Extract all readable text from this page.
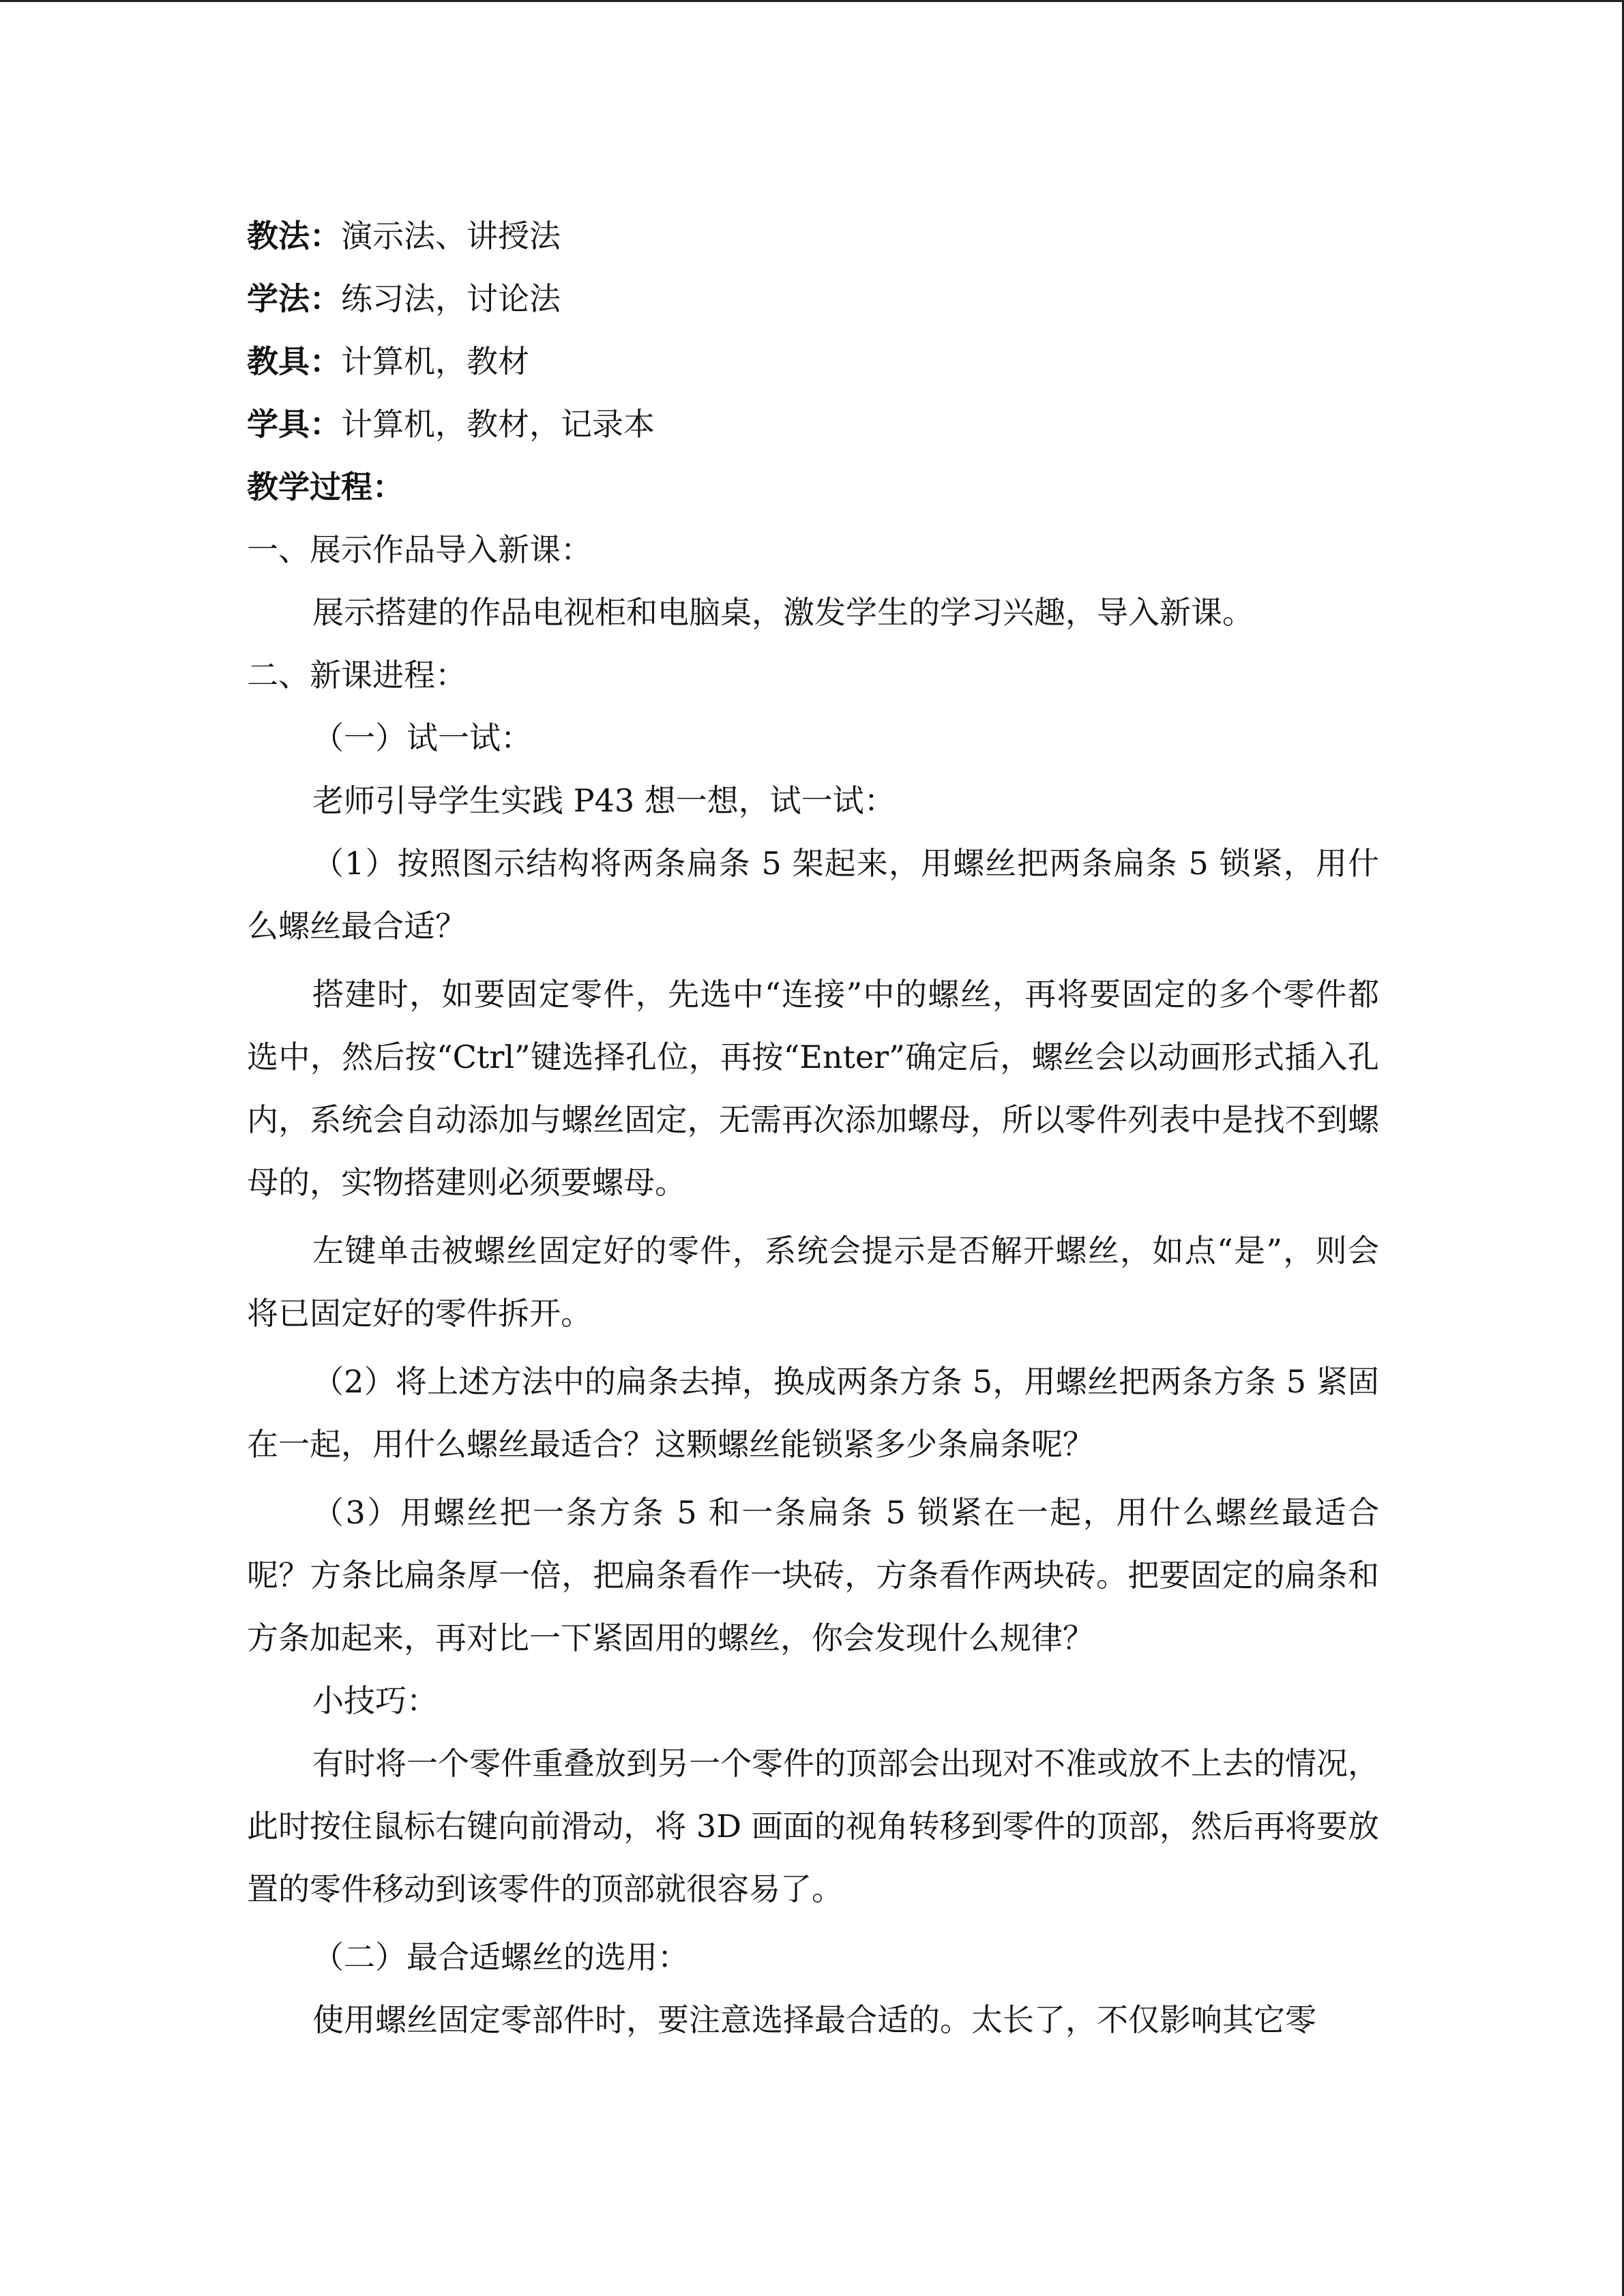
教法：演示法、讲授法
学法：练习法，讨论法
教具：计算机，教材
学具：计算机，教材，记录本
教学过程：
一、展示作品导入新课：
展示搭建的作品电视柜和电脑桌，激发学生的学习兴趣，导入新课。
二、新课进程：
（一）试一试：
老师引导学生实践 P43 想一想，试一试：

（1）按照图示结构将两条扁条 5 架起来，用螺丝把两条扁条 5 锁紧，用什么螺丝最合适？

搭建时，如要固定零件，先选中“连接”中的螺丝，再将要固定的多个零件都选中，然后按“Ctrl”键选择孔位，再按“Enter”确定后，螺丝会以动画形式插入孔内，系统会自动添加与螺丝固定，无需再次添加螺母，所以零件列表中是找不到螺母的，实物搭建则必须要螺母。

左键单击被螺丝固定好的零件，系统会提示是否解开螺丝，如点“是”，则会将已固定好的零件拆开。

（2）将上述方法中的扁条去掉，换成两条方条 5，用螺丝把两条方条 5 紧固在一起，用什么螺丝最适合？这颗螺丝能锁紧多少条扁条呢？

（3）用螺丝把一条方条 5 和一条扁条 5 锁紧在一起，用什么螺丝最适合呢？方条比扁条厚一倍，把扁条看作一块砖，方条看作两块砖。把要固定的扁条和方条加起来，再对比一下紧固用的螺丝，你会发现什么规律？

小技巧：

有时将一个零件重叠放到另一个零件的顶部会出现对不准或放不上去的情况，此时按住鼠标右键向前滑动，将 3D 画面的视角转移到零件的顶部，然后再将要放置的零件移动到该零件的顶部就很容易了。

（二）最合适螺丝的选用：
使用螺丝固定零部件时，要注意选择最合适的。太长了，不仅影响其它零
